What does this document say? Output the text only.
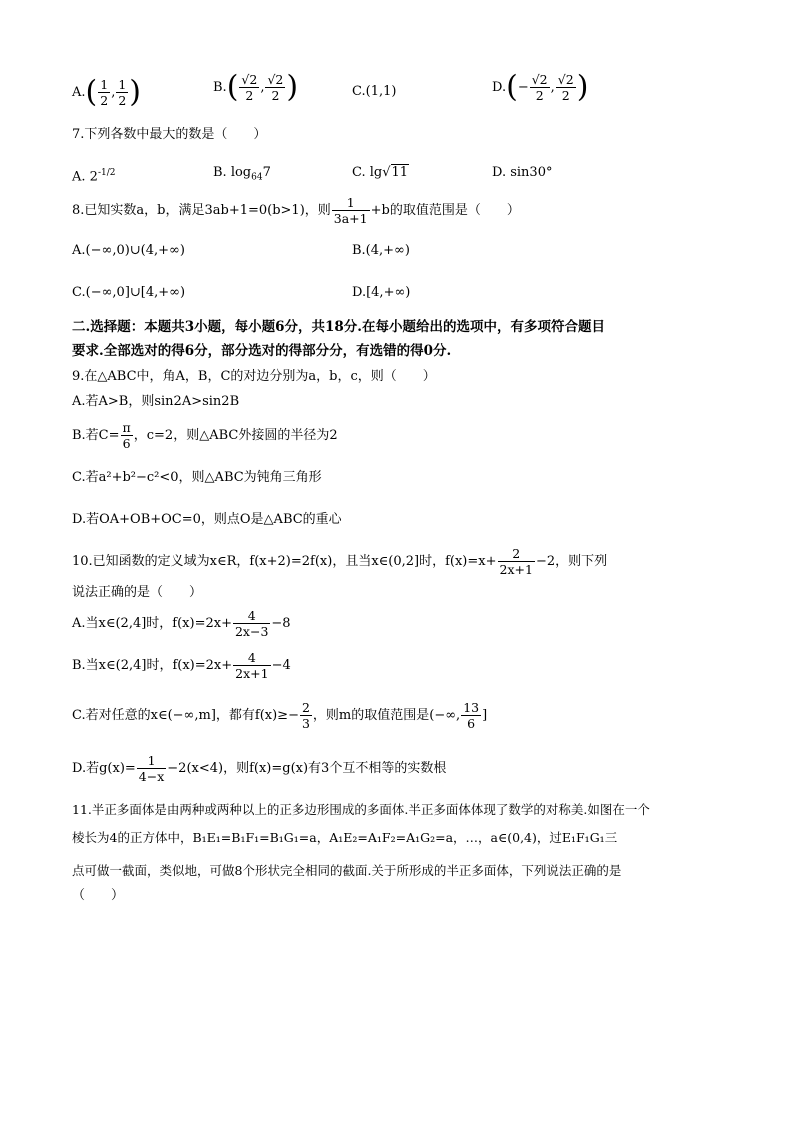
$A.( \frac{1}{2}$ , $\frac{1}{2}$ )	$B.( \frac{√2}{2}$ , $\frac{√2}{2}$ )	C.(1,1)	$D.(- \frac{√2}{2}$ , $\frac{√2}{2}$ )
7.下列各数中最大的数是（　　）
A. $2^{-1/2}$	B. $\log_{64}7$	C. lg√11	D. sin30°
8.已知实数a，b，满足3ab+1=0(b>1)，则 $\frac{1}{3a+1} +b$的取值范围是（　　）
A.(−∞,0)∪(4,+∞)	B.(4,+∞)
C.(−∞,0]∪[4,+∞)	D.[4,+∞)
二.选择题：本题共3小题，每小题6分，共18分.在每小题给出的选项中，有多项符合题目
要求.全部选对的得6分，部分选对的得部分分，有选错的得0分.
9.在△ABC中，角A，B，C的对边分别为a，b，c，则（　　）
A.若A>B，则sin2A>sin2B
B.若$C= \frac{\pi}{6}$ ，c=2，则△ABC外接圆的半径为2
C.若a²+b²−c²<0，则△ABC为钝角三角形
D.若OA+OB+OC=0，则点O是△ABC的重心
10.已知函数的定义域为x∈R，f(x+2)=2f(x)，且当x∈(0,2]时，$f(x)=x+ \frac{2}{2x+1} -2$，则下列
说法正确的是（　　）
A.当x∈(2,4]时，$f(x)=2x+ \frac{4}{2x-3} -8$
B.当x∈(2,4]时，$f(x)=2x+ \frac{4}{2x+1} -4$
C.若对任意的x∈(−∞,m]，都有$f(x)\ge- \frac{2}{3}$ ，则m的取值范围是(−∞, $\frac{13}{6}$ ]
D.若$g(x)= \frac{1}{4-x} -2(x<4)$，则f(x)=g(x)有3个互不相等的实数根
11.半正多面体是由两种或两种以上的正多边形围成的多面体.半正多面体体现了数学的对称美.如图在一个
棱长为4的正方体中，B₁E₁=B₁F₁=B₁G₁=a，A₁E₂=A₁F₂=A₁G₂=a，…，a∈(0,4)，过E₁F₁G₁三
点可做一截面，类似地，可做8个形状完全相同的截面.关于所形成的半正多面体，下列说法正确的是
（　　）
